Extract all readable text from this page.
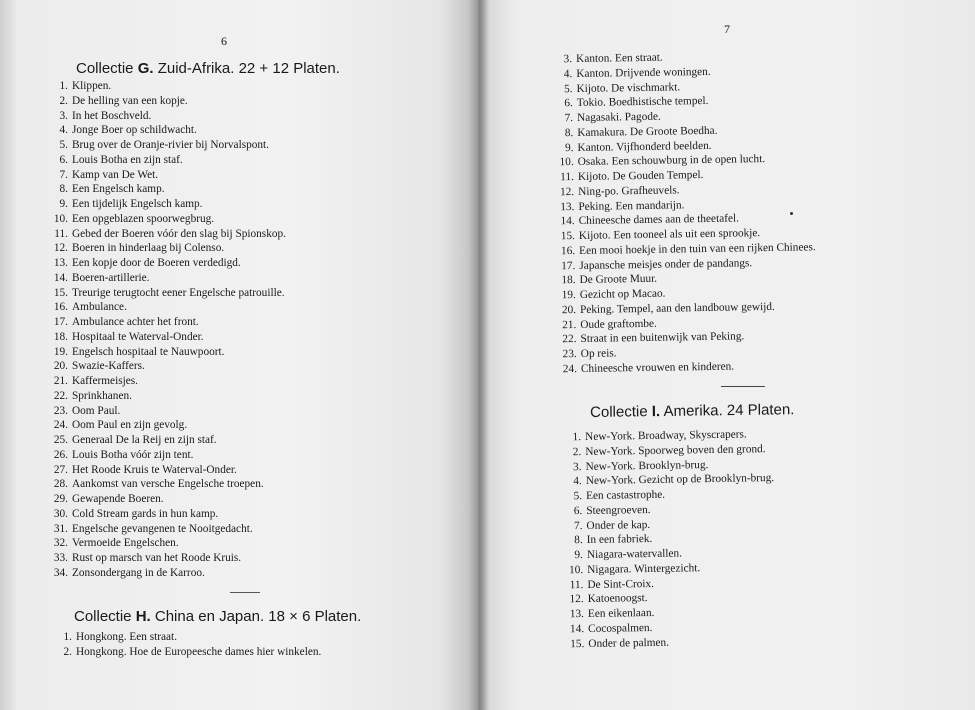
6
Collectie G. Zuid-Afrika. 22 + 12 Platen.
1. Klippen.
2. De helling van een kopje.
3. In het Boschveld.
4. Jonge Boer op schildwacht.
5. Brug over de Oranje-rivier bij Norvalspont.
6. Louis Botha en zijn staf.
7. Kamp van De Wet.
8. Een Engelsch kamp.
9. Een tijdelijk Engelsch kamp.
10. Een opgeblazen spoorwegbrug.
11. Gebed der Boeren vóór den slag bij Spionskop.
12. Boeren in hinderlaag bij Colenso.
13. Een kopje door de Boeren verdedigd.
14. Boeren-artillerie.
15. Treurige terugtocht eener Engelsche patrouille.
16. Ambulance.
17. Ambulance achter het front.
18. Hospitaal te Waterval-Onder.
19. Engelsch hospitaal te Nauwpoort.
20. Swazie-Kaffers.
21. Kaffermeisjes.
22. Sprinkhanen.
23. Oom Paul.
24. Oom Paul en zijn gevolg.
25. Generaal De la Reij en zijn staf.
26. Louis Botha vóór zijn tent.
27. Het Roode Kruis te Waterval-Onder.
28. Aankomst van versche Engelsche troepen.
29. Gewapende Boeren.
30. Cold Stream gards in hun kamp.
31. Engelsche gevangenen te Nooitgedacht.
32. Vermoeide Engelschen.
33. Rust op marsch van het Roode Kruis.
34. Zonsondergang in de Karroo.
Collectie H. China en Japan. 18 × 6 Platen.
1. Hongkong. Een straat.
2. Hongkong. Hoe de Europeesche dames hier winkelen.
7
3. Kanton. Een straat.
4. Kanton. Drijvende woningen.
5. Kijoto. De vischmarkt.
6. Tokio. Boedhistische tempel.
7. Nagasaki. Pagode.
8. Kamakura. De Groote Boedha.
9. Kanton. Vijfhonderd beelden.
10. Osaka. Een schouwburg in de open lucht.
11. Kijoto. De Gouden Tempel.
12. Ning-po. Grafheuvels.
13. Peking. Een mandarijn.
14. Chineesche dames aan de theetafel.
15. Kijoto. Een tooneel als uit een sprookje.
16. Een mooi hoekje in den tuin van een rijken Chinees.
17. Japansche meisjes onder de pandangs.
18. De Groote Muur.
19. Gezicht op Macao.
20. Peking. Tempel, aan den landbouw gewijd.
21. Oude graftombe.
22. Straat in een buitenwijk van Peking.
23. Op reis.
24. Chineesche vrouwen en kinderen.
Collectie I. Amerika. 24 Platen.
1. New-York. Broadway, Skyscrapers.
2. New-York. Spoorweg boven den grond.
3. New-York. Brooklyn-brug.
4. New-York. Gezicht op de Brooklyn-brug.
5. Een castastrophe.
6. Steengroeven.
7. Onder de kap.
8. In een fabriek.
9. Niagara-watervallen.
10. Nigagara. Wintergezicht.
11. De Sint-Croix.
12. Katoenoogst.
13. Een eikenlaan.
14. Cocospalmen.
15. Onder de palmen.
